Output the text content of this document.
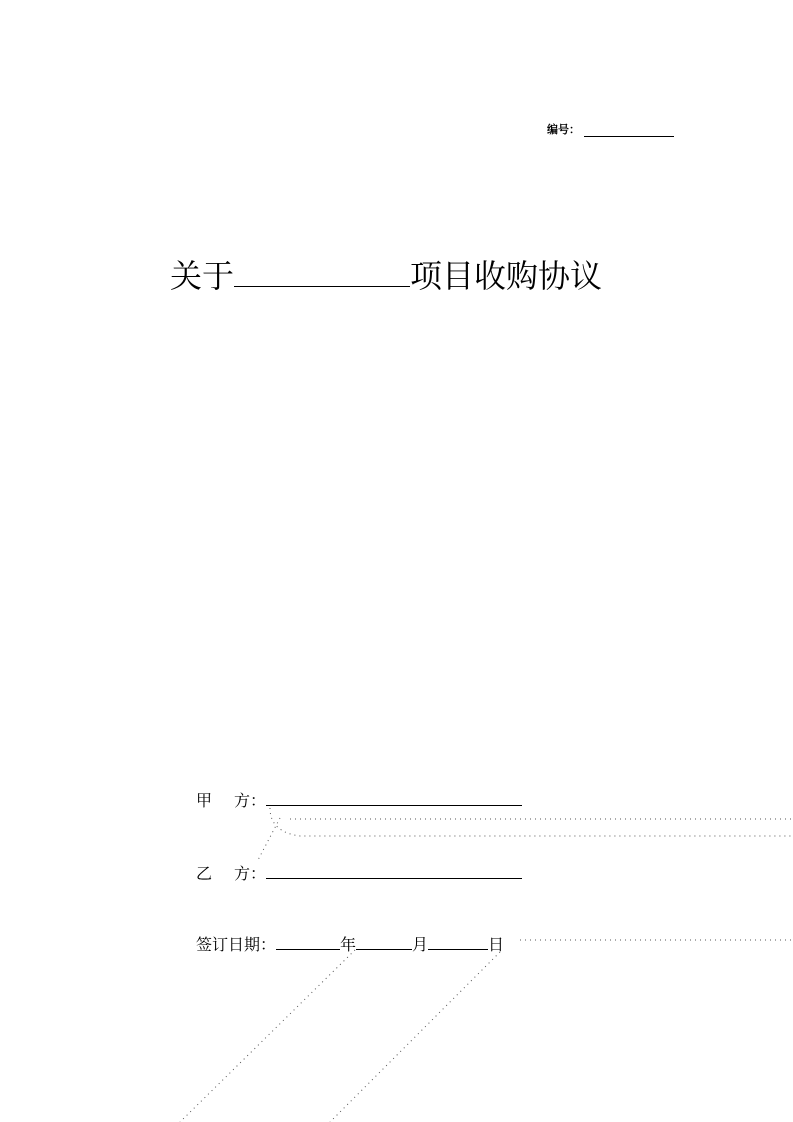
编号：
关于	项目收购协议
甲 方：
乙 方：
签订日期：	年	月	日
